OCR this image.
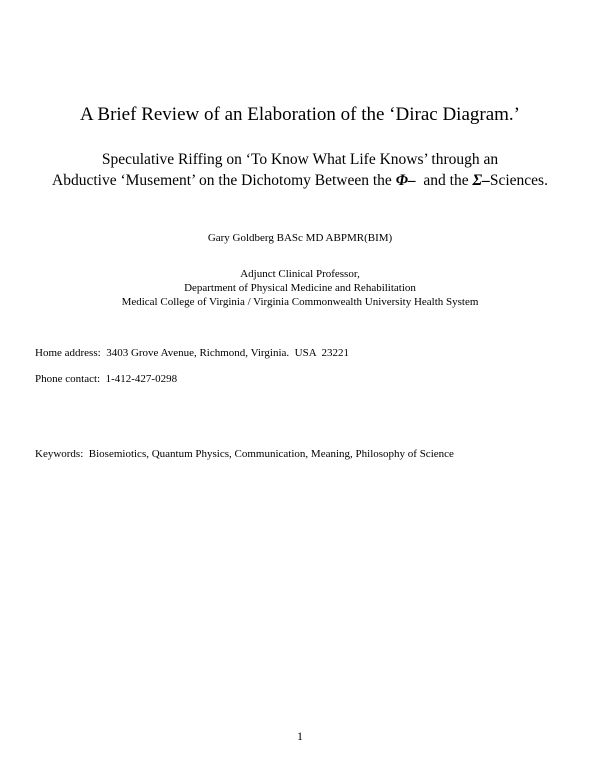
A Brief Review of an Elaboration of the ‘Dirac Diagram.’
Speculative Riffing on ‘To Know What Life Knows’ through an
Abductive ‘Musement’ on the Dichotomy Between the Φ–  and the Σ–Sciences.
Gary Goldberg BASc MD ABPMR(BIM)
Adjunct Clinical Professor,
Department of Physical Medicine and Rehabilitation
Medical College of Virginia / Virginia Commonwealth University Health System
Home address: 3403 Grove Avenue, Richmond, Virginia.  USA  23221
Phone contact: 1-412-427-0298
Keywords: Biosemiotics, Quantum Physics, Communication, Meaning, Philosophy of Science
1
